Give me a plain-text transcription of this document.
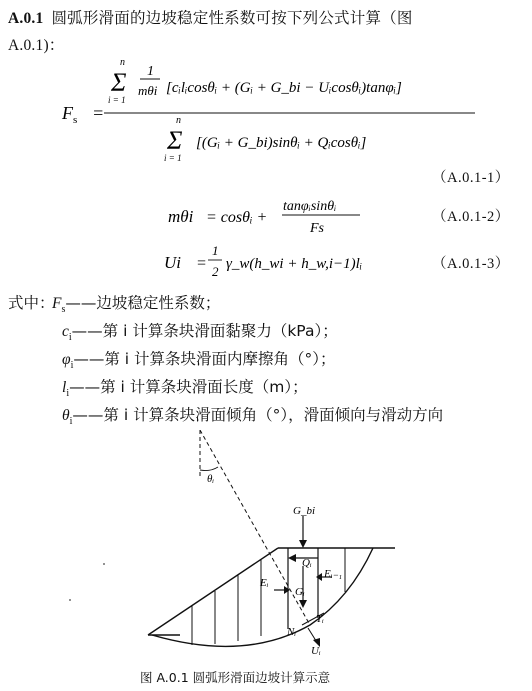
A.0.1 圆弧形滑面的边坡稳定性系数可按下列公式计算（图
A.0.1)：
$F_s$ =
n
Σ
i = 1
1
mθi [cᵢlᵢcosθᵢ + (Gᵢ + G_bi − Uᵢcosθᵢ)tanφᵢ]
n
Σ
i = 1
[(Gᵢ + G_bi)sinθᵢ + Qᵢcosθᵢ]
（A.0.1-1）
mθi = cosθᵢ +
tanφᵢsinθᵢ
Fs
（A.0.1-2）
Ui =
1
2 γ_w(h_wi + h_w,i−1)lᵢ	（A.0.1-3）
式中：
$F_s——$边坡稳定性系数；
$c_i——$第 i 计算条块滑面黏聚力（kPa）；
$\varphi_i——$第 i 计算条块滑面内摩擦角（°）；
$l_i——$第 i 计算条块滑面长度（m）；
$\theta_i——$第 i 计算条块滑面倾角（°），滑面倾向与滑动方向
θᵢ
G_bi
Qᵢ
Eᵢ
Eᵢ₋₁
Gᵢ
Tᵢ
Nᵢ
Uᵢ
图 A.0.1 圆弧形滑面边坡计算示意
